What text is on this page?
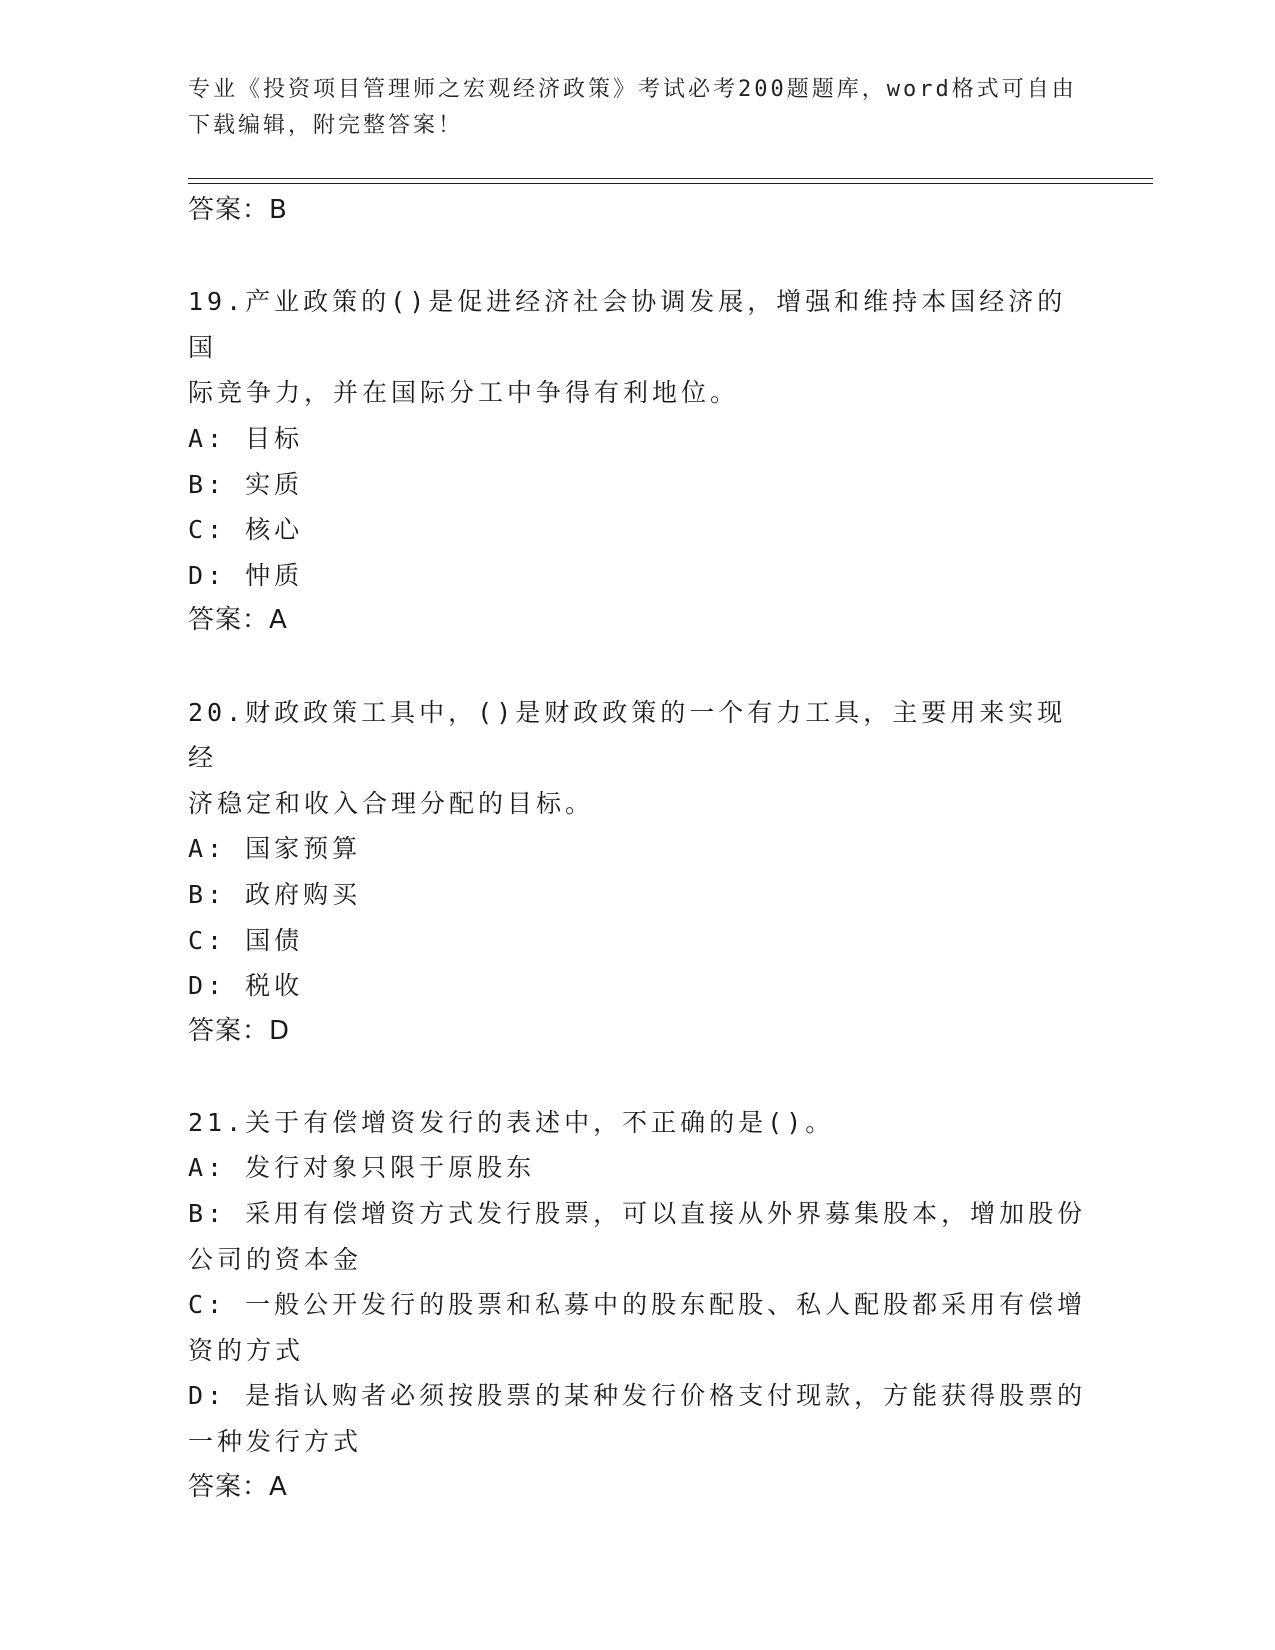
专业《投资项目管理师之宏观经济政策》考试必考200题题库，word格式可自由
下载编辑，附完整答案！
答案：B
19.产业政策的()是促进经济社会协调发展，增强和维持本国经济的国
际竞争力，并在国际分工中争得有利地位。
A: 目标
B: 实质
C: 核心
D: 忡质
答案：A
20.财政政策工具中，()是财政政策的一个有力工具，主要用来实现经
济稳定和收入合理分配的目标。
A: 国家预算
B: 政府购买
C: 国债
D: 税收
答案：D
21.关于有偿增资发行的表述中，不正确的是()。
A: 发行对象只限于原股东
B: 采用有偿增资方式发行股票，可以直接从外界募集股本，增加股份
公司的资本金
C: 一般公开发行的股票和私募中的股东配股、私人配股都采用有偿增
资的方式
D: 是指认购者必须按股票的某种发行价格支付现款，方能获得股票的
一种发行方式
答案：A
